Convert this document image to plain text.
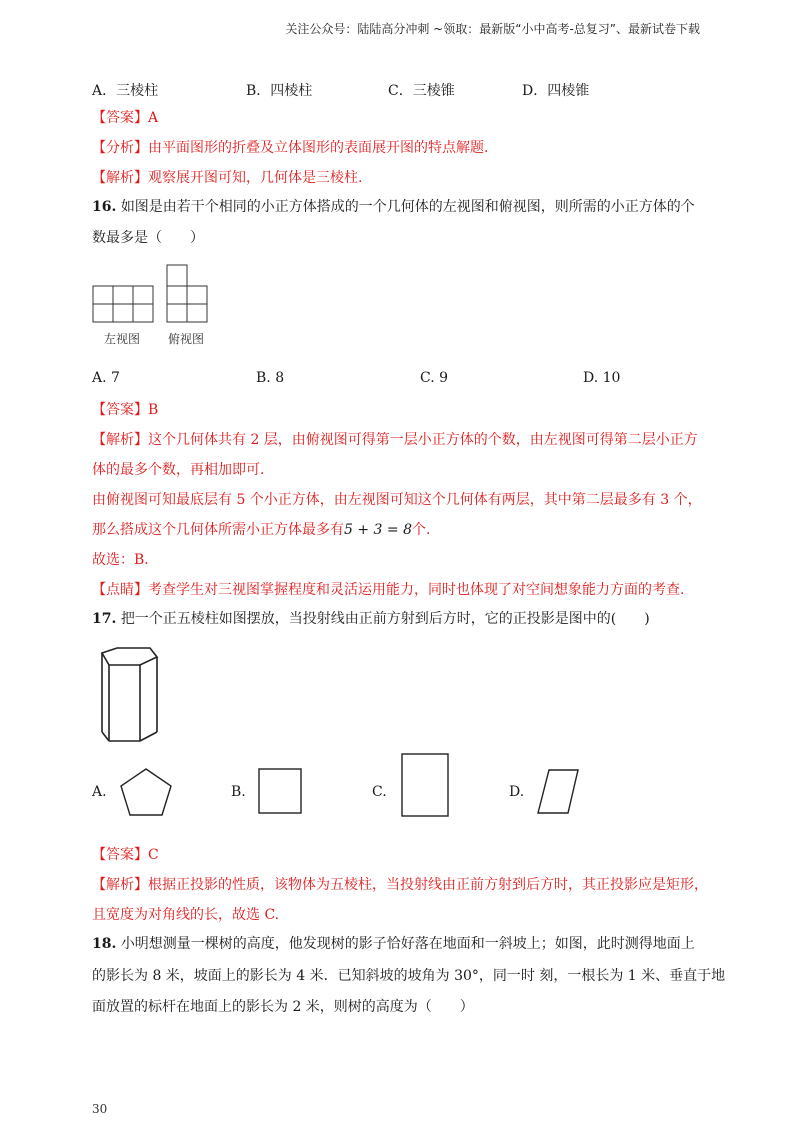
关注公众号：陆陆高分冲刺 ~领取：最新版“小中高考-总复习”、最新试卷下载
A．三棱柱	B．四棱柱	C．三棱锥	D．四棱锥
【答案】A
【分析】由平面图形的折叠及立体图形的表面展开图的特点解题.
【解析】观察展开图可知，几何体是三棱柱.
16. 如图是由若干个相同的小正方体搭成的一个几何体的左视图和俯视图，则所需的小正方体的个
数最多是（　　）
左视图 俯视图
A. 7	B. 8	C. 9	D. 10
【答案】B
【解析】这个几何体共有 2 层，由俯视图可得第一层小正方体的个数，由左视图可得第二层小正方
体的最多个数，再相加即可.
由俯视图可知最底层有 5 个小正方体，由左视图可知这个几何体有两层，其中第二层最多有 3 个，
那么搭成这个几何体所需小正方体最多有5 + 3 = 8个.
故选：B.
【点睛】考查学生对三视图掌握程度和灵活运用能力，同时也体现了对空间想象能力方面的考查.
17. 把一个正五棱柱如图摆放，当投射线由正前方射到后方时，它的正投影是图中的(　　)
A.	B.	C.	D.
【答案】C
【解析】根据正投影的性质，该物体为五棱柱，当投射线由正前方射到后方时，其正投影应是矩形，
且宽度为对角线的长，故选 C.
18. 小明想测量一棵树的高度，他发现树的影子恰好落在地面和一斜坡上；如图，此时测得地面上
的影长为 8 米，坡面上的影长为 4 米．已知斜坡的坡角为 30°，同一时 刻，一根长为 1 米、垂直于地
面放置的标杆在地面上的影长为 2 米，则树的高度为（　　）
30
